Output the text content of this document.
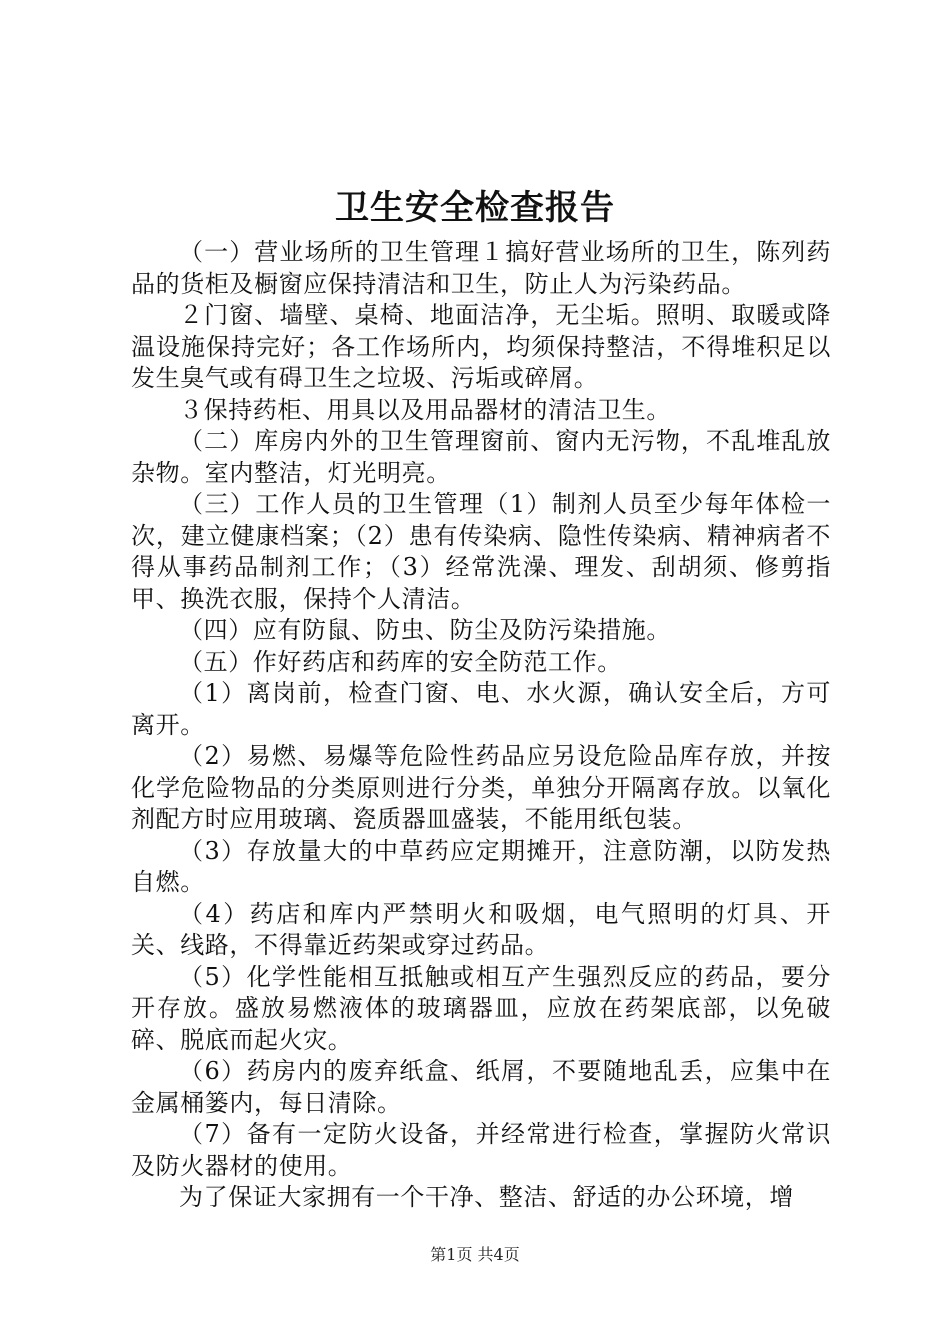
卫生安全检查报告

（一）营业场所的卫生管理１搞好营业场所的卫生，陈列药品的货柜及橱窗应保持清洁和卫生，防止人为污染药品。

２门窗、墙壁、桌椅、地面洁净，无尘垢。照明、取暖或降温设施保持完好；各工作场所内，均须保持整洁，不得堆积足以发生臭气或有碍卫生之垃圾、污垢或碎屑。

３保持药柜、用具以及用品器材的清洁卫生。

（二）库房内外的卫生管理窗前、窗内无污物，不乱堆乱放杂物。室内整洁，灯光明亮。

（三）工作人员的卫生管理（1）制剂人员至少每年体检一次，建立健康档案；（2）患有传染病、隐性传染病、精神病者不得从事药品制剂工作；（3）经常洗澡、理发、刮胡须、修剪指甲、换洗衣服，保持个人清洁。

（四）应有防鼠、防虫、防尘及防污染措施。

（五）作好药店和药库的安全防范工作。

（1）离岗前，检查门窗、电、水火源，确认安全后，方可离开。

（2）易燃、易爆等危险性药品应另设危险品库存放，并按化学危险物品的分类原则进行分类，单独分开隔离存放。以氧化剂配方时应用玻璃、瓷质器皿盛装，不能用纸包装。

（3）存放量大的中草药应定期摊开，注意防潮，以防发热自燃。

（4）药店和库内严禁明火和吸烟，电气照明的灯具、开关、线路，不得靠近药架或穿过药品。

（5）化学性能相互抵触或相互产生强烈反应的药品，要分开存放。盛放易燃液体的玻璃器皿，应放在药架底部，以免破碎、脱底而起火灾。

（6）药房内的废弃纸盒、纸屑，不要随地乱丢，应集中在金属桶篓内，每日清除。

（7）备有一定防火设备，并经常进行检查，掌握防火常识及防火器材的使用。

为了保证大家拥有一个干净、整洁、舒适的办公环境，增

第1页 共4页
